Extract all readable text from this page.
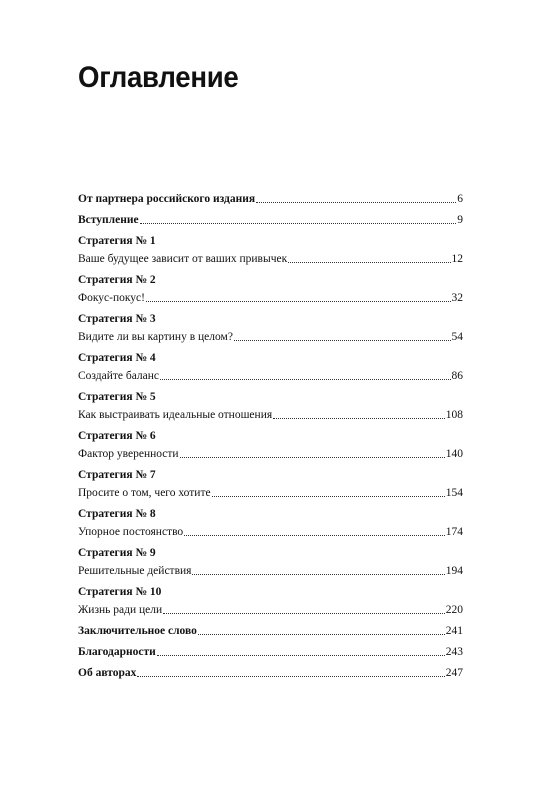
Оглавление
От партнера российского издания	6
Вступление	9
Стратегия № 1
Ваше будущее зависит от ваших привычек	12
Стратегия № 2
Фокус-покус!	32
Стратегия № 3
Видите ли вы картину в целом?	54
Стратегия № 4
Создайте баланс	86
Стратегия № 5
Как выстраивать идеальные отношения	108
Стратегия № 6
Фактор уверенности	140
Стратегия № 7
Просите о том, чего хотите	154
Стратегия № 8
Упорное постоянство	174
Стратегия № 9
Решительные действия	194
Стратегия № 10
Жизнь ради цели	220
Заключительное слово	241
Благодарности	243
Об авторах	247
